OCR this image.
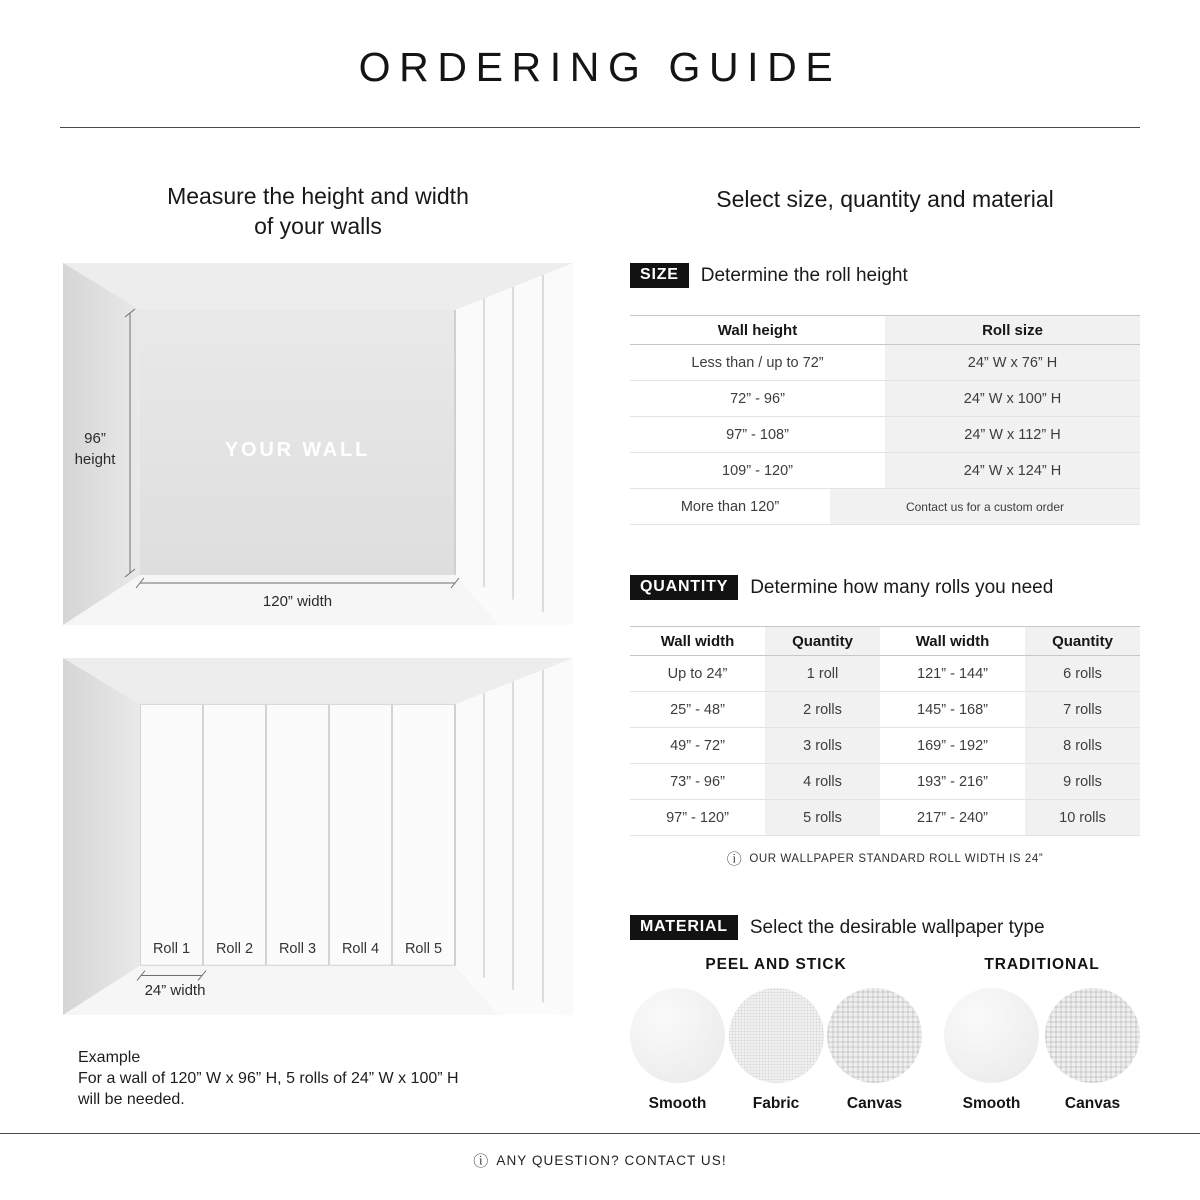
ORDERING GUIDE
Measure the height and width
of your walls
YOUR WALL
96”
height
120” width
Roll 1	Roll 2	Roll 3	Roll 4	Roll 5
24” width
Example
For a wall of 120” W x 96” H, 5 rolls of 24” W x 100” H
will be needed.
Select size, quantity and material
SIZE	Determine the roll height
Wall height	Roll size
Less than / up to 72”	24” W x 76” H
72” - 96”	24” W x 100” H
97” - 108”	24” W x 112” H
109” - 120”	24” W x 124” H
More than 120”	Contact us for a custom order
QUANTITY	Determine how many rolls you need
Wall width	Quantity	Wall width	Quantity
Up to 24”	1 roll	121” - 144”	6 rolls
25” - 48”	2 rolls	145” - 168”	7 rolls
49” - 72”	3 rolls	169” - 192”	8 rolls
73” - 96”	4 rolls	193” - 216”	9 rolls
97” - 120”	5 rolls	217” - 240”	10 rolls
ⓘ OUR WALLPAPER STANDARD ROLL WIDTH IS 24”
MATERIAL	Select the desirable wallpaper type
PEEL AND STICK
Smooth	Fabric	Canvas
TRADITIONAL
Smooth	Canvas
ⓘ ANY QUESTION? CONTACT US!
